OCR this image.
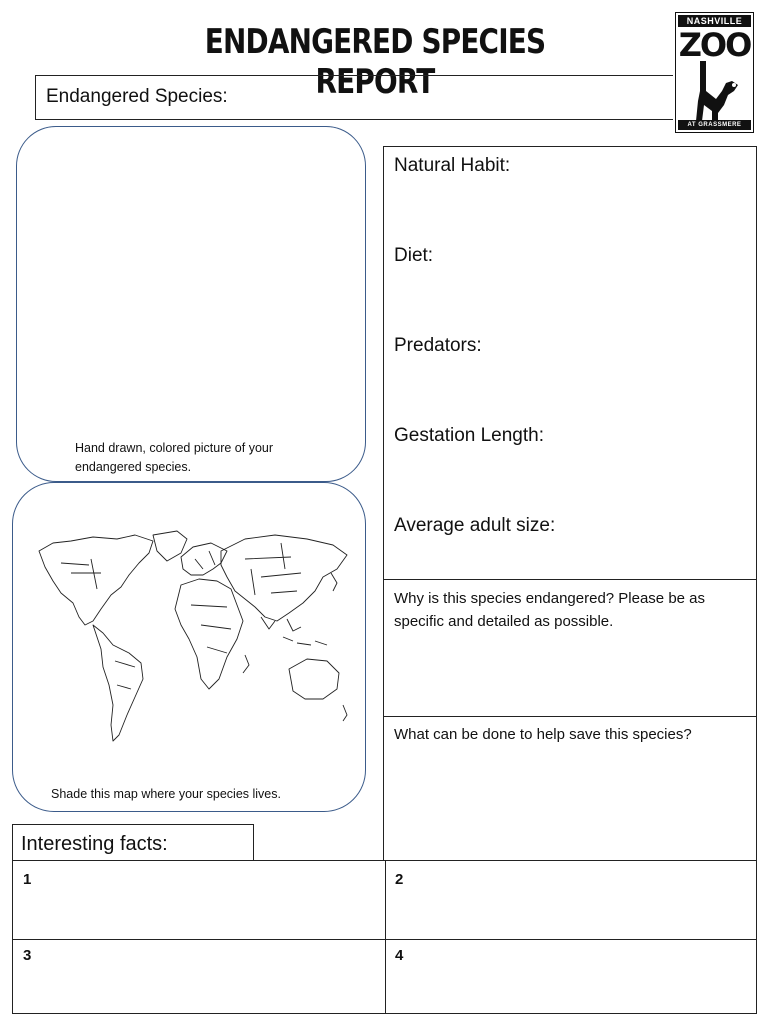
ENDANGERED SPECIES REPORT
Endangered Species:
NASHVILLE
ZOO
AT GRASSMERE
Hand drawn, colored picture of your endangered species.
Shade this map where your species lives.
Natural Habit:
Diet:
Predators:
Gestation Length:
Average adult size:
Why is this species endangered? Please be as specific and detailed as possible.
What can be done to help save this species?
Interesting facts:
1	2
3	4
